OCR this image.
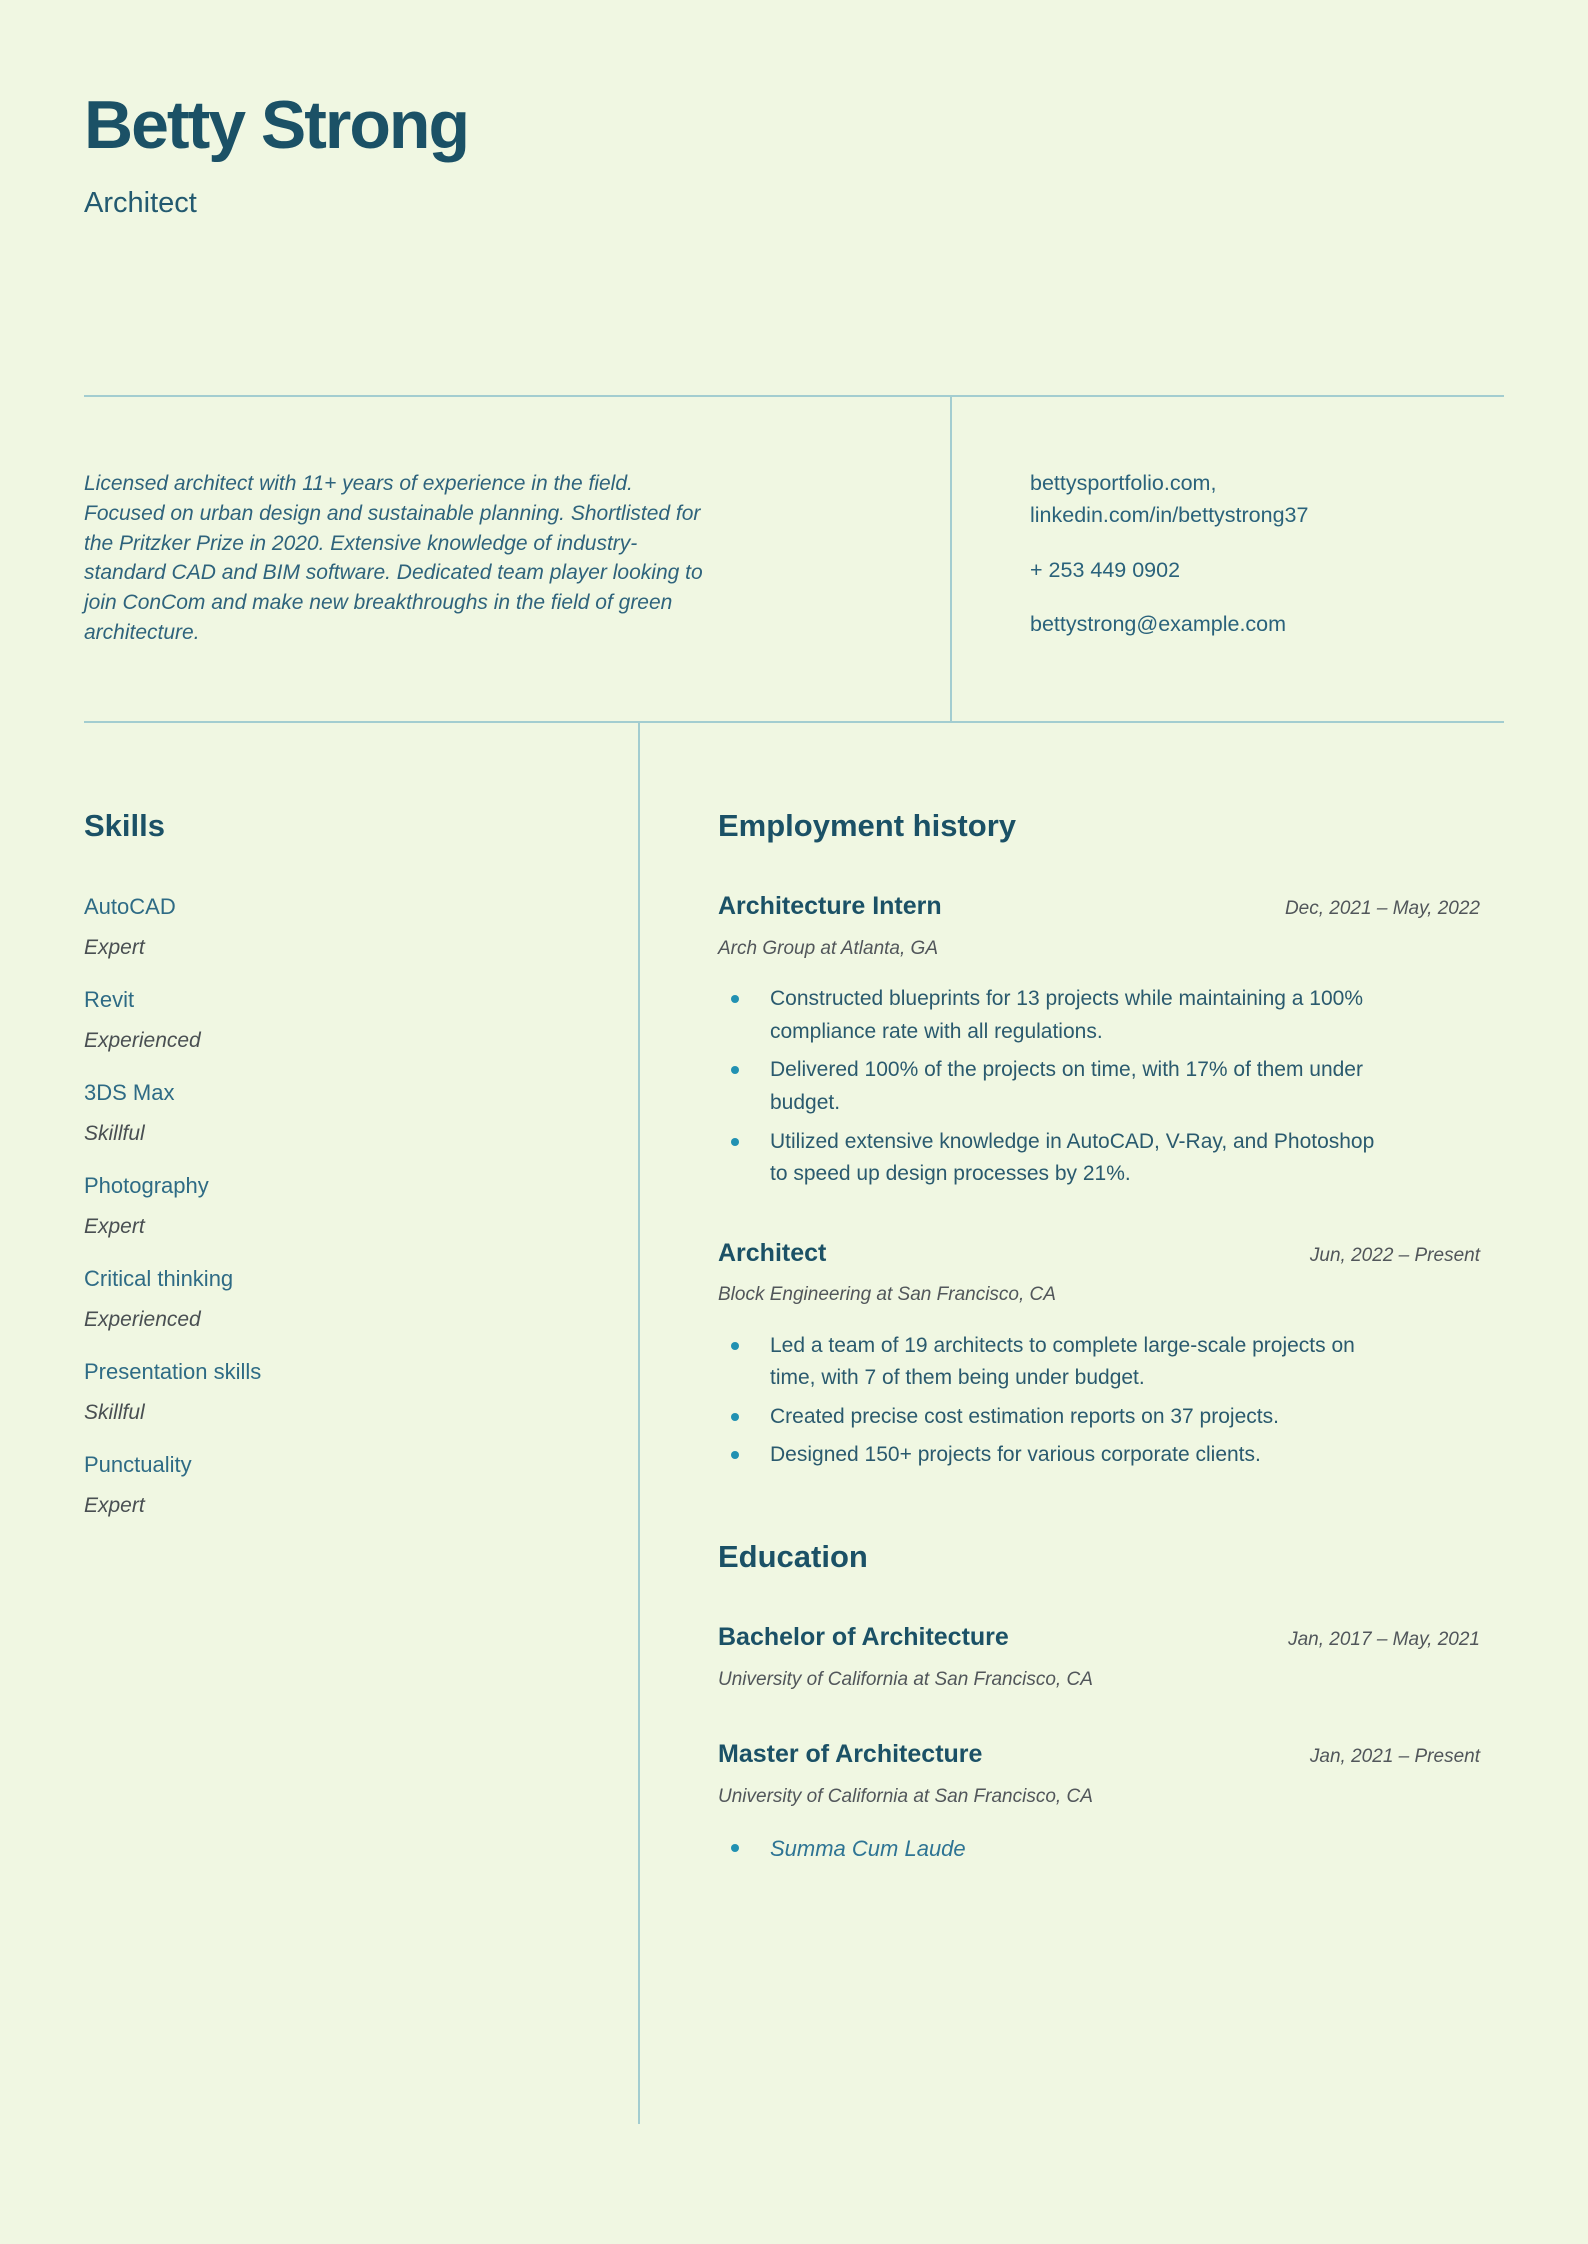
Betty Strong
Architect

Licensed architect with 11+ years of experience in the field. Focused on urban design and sustainable planning. Shortlisted for the Pritzker Prize in 2020. Extensive knowledge of industry-standard CAD and BIM software. Dedicated team player looking to join ConCom and make new breakthroughs in the field of green architecture.

bettysportfolio.com,
linkedin.com/in/bettystrong37
+ 253 449 0902
bettystrong@example.com
Skills
AutoCAD
Expert
Revit
Experienced
3DS Max
Skillful
Photography
Expert
Critical thinking
Experienced
Presentation skills
Skillful
Punctuality
Expert
Employment history
Architecture Intern	Dec, 2021 – May, 2022
Arch Group at Atlanta, GA
Constructed blueprints for 13 projects while maintaining a 100% compliance rate with all regulations.
Delivered 100% of the projects on time, with 17% of them under budget.
Utilized extensive knowledge in AutoCAD, V-Ray, and Photoshop to speed up design processes by 21%.
Architect	Jun, 2022 – Present
Block Engineering at San Francisco, CA
Led a team of 19 architects to complete large-scale projects on time, with 7 of them being under budget.
Created precise cost estimation reports on 37 projects.
Designed 150+ projects for various corporate clients.
Education
Bachelor of Architecture	Jan, 2017 – May, 2021
University of California at San Francisco, CA
Master of Architecture	Jan, 2021 – Present
University of California at San Francisco, CA
Summa Cum Laude
